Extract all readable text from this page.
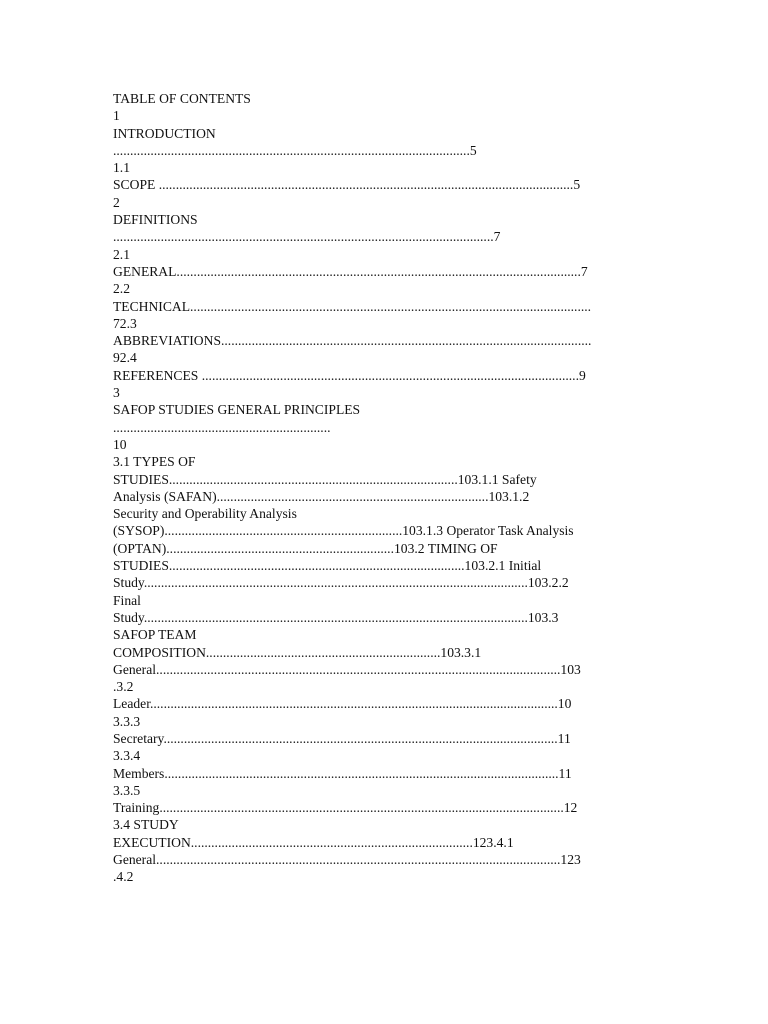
TABLE OF CONTENTS
1
INTRODUCTION
.........................................................................................................5
1.1
SCOPE ..........................................................................................................................5
2
DEFINITIONS
................................................................................................................7
2.1
GENERAL.......................................................................................................................7
2.2
TECHNICAL......................................................................................................................
72.3
ABBREVIATIONS.............................................................................................................
92.4
REFERENCES ...............................................................................................................9
3
SAFOP STUDIES GENERAL PRINCIPLES
................................................................
10
3.1 TYPES OF
STUDIES.....................................................................................103.1.1 Safety
Analysis (SAFAN)................................................................................103.1.2
Security and Operability Analysis
(SYSOP)......................................................................103.1.3 Operator Task Analysis
(OPTAN)...................................................................103.2 TIMING OF
STUDIES.......................................................................................103.2.1 Initial
Study.................................................................................................................103.2.2
Final
Study.................................................................................................................103.3
SAFOP TEAM
COMPOSITION.....................................................................103.3.1
General.......................................................................................................................103
.3.2
Leader........................................................................................................................10
3.3.3
Secretary....................................................................................................................11
3.3.4
Members....................................................................................................................11
3.3.5
Training.......................................................................................................................12
3.4 STUDY
EXECUTION...................................................................................123.4.1
General.......................................................................................................................123
.4.2
